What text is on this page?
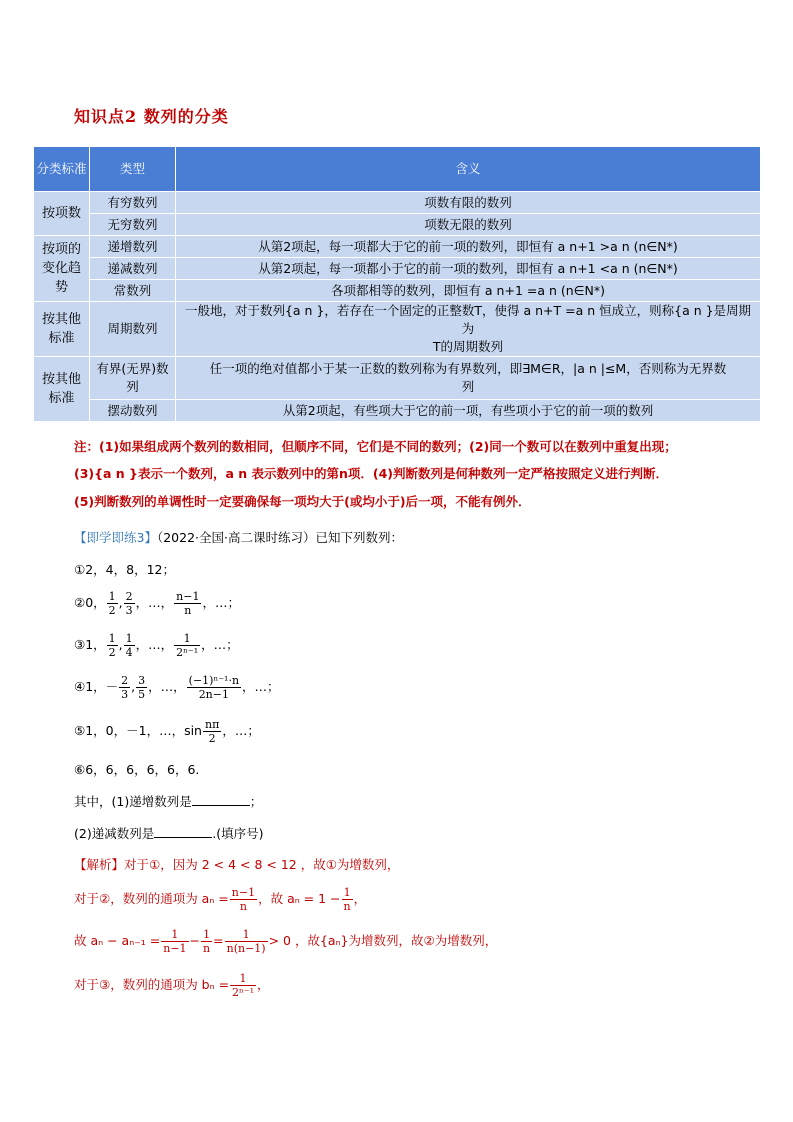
知识点2 数列的分类
分类标准	类型	含义
按项数	有穷数列	项数有限的数列
	无穷数列	项数无限的数列
按项的变化趋势	递增数列	从第2项起，每一项都大于它的前一项的数列，即恒有 a n+1 >a n (n∈N*)
	递减数列	从第2项起，每一项都小于它的前一项的数列，即恒有 a n+1 <a n (n∈N*)
	常数列	各项都相等的数列，即恒有 a n+1 =a n (n∈N*)
按其他标准	周期数列	一般地，对于数列{a n }，若存在一个固定的正整数T，使得 a n+T =a n 恒成立，则称{a n }是周期为
T的周期数列

按其他标准	有界(无界)数列	任一项的绝对值都小于某一正数的数列称为有界数列，即∃M∈R，|a n |≤M，否则称为无界数
列

	摆动数列	从第2项起，有些项大于它的前一项，有些项小于它的前一项的数列
注：(1)如果组成两个数列的数相同，但顺序不同，它们是不同的数列；(2)同一个数可以在数列中重复出现；
(3){a n }表示一个数列，a n 表示数列中的第n项．(4)判断数列是何种数列一定严格按照定义进行判断．
(5)判断数列的单调性时一定要确保每一项均大于(或均小于)后一项，不能有例外．
【即学即练3】（2022·全国·高二课时练习）已知下列数列：
①2，4，8，12；
②0， $\frac{1}{2}$ , $\frac{2}{3}$ ，…， $\frac{n-1}{n}$ ，…；
③1， $\frac{1}{2}$ , $\frac{1}{4}$ ，…， $\frac{1}{\text{2ⁿ⁻¹}}$ ，…；
④1，－ $\frac{2}{3}$ , $\frac{3}{5}$ ，…， $\frac{\text{(−1)ⁿ⁻¹·n}}{2n-1}$ ，…；
⑤1，0，－1，…，$\sin \frac{n\pi}{2}$ ，…；
⑥6，6，6，6，6，6.
其中，(1)递增数列是	；
(2)递减数列是	.(填序号)
【解析】对于①，因为 2 < 4 < 8 < 12 ，故①为增数列，
对于②，数列的通项为 $a_n = \frac{n-1}{n}$ ，故 $a_n = 1 - \frac{1}{n}$ ，
故 $a_n - a_{n-1} = \frac{1}{n-1} - \frac{1}{n} = \frac{1}{n(n-1)} > 0$ ，故{aₙ}为增数列，故②为增数列，
对于③，数列的通项为 $b_n = \frac{1}{\text{2ⁿ⁻¹}}$ ，
